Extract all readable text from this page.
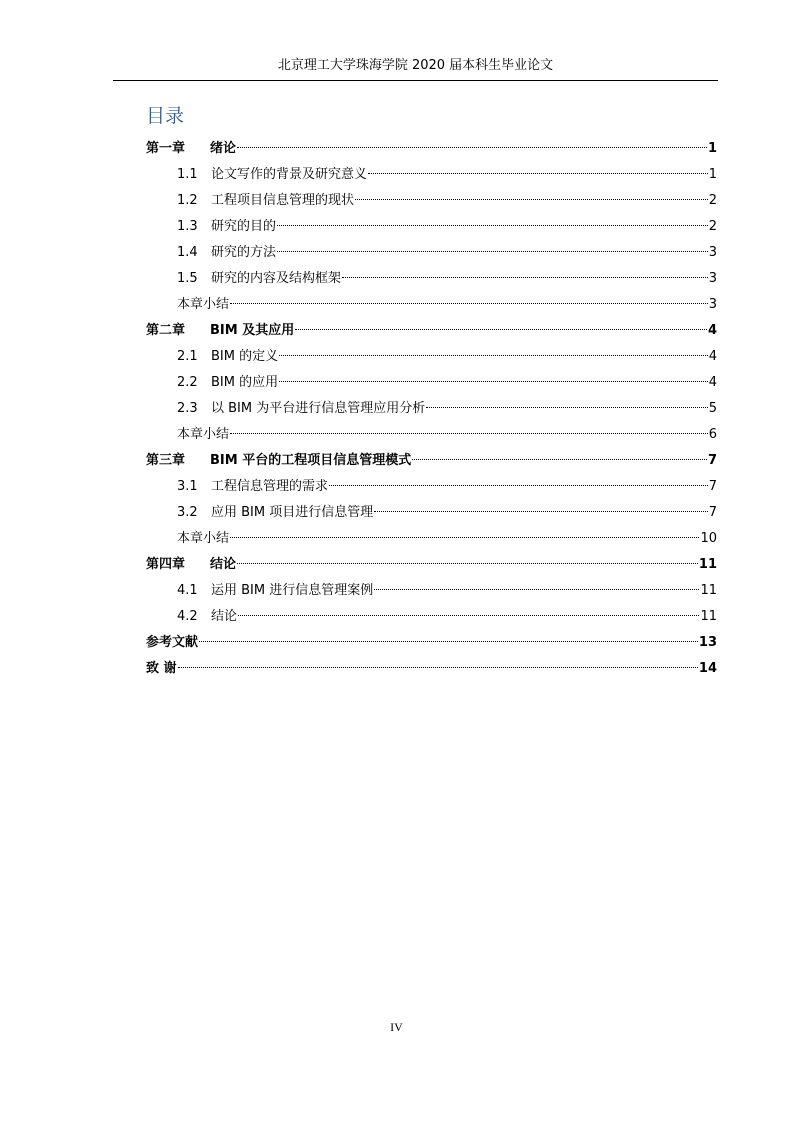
北京理工大学珠海学院 2020 届本科生毕业论文
目录
第一章	绪论	1
1.1	论文写作的背景及研究意义	1
1.2	工程项目信息管理的现状	2
1.3	研究的目的	2
1.4	研究的方法	3
1.5	研究的内容及结构框架	3
本章小结	3
第二章	BIM 及其应用	4
2.1	BIM 的定义	4
2.2	BIM 的应用	4
2.3	以 BIM 为平台进行信息管理应用分析	5
本章小结	6
第三章	BIM 平台的工程项目信息管理模式	7
3.1	工程信息管理的需求	7
3.2	应用 BIM 项目进行信息管理	7
本章小结	10
第四章	结论	11
4.1	运用 BIM 进行信息管理案例	11
4.2	结论	11
参考文献	13
致 谢	14
IV
